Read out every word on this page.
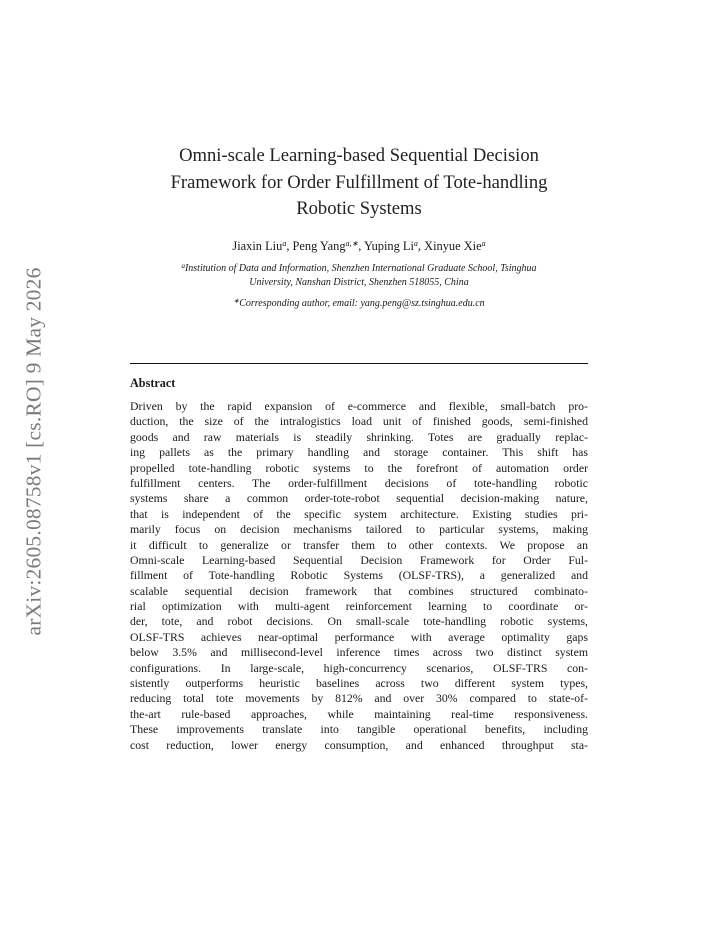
arXiv:2605.08758v1 [cs.RO] 9 May 2026
Omni-scale Learning-based Sequential Decision
Framework for Order Fulfillment of Tote-handling
Robotic Systems
Jiaxin Liu$^a$, Peng Yang$^{a,∗}$, Yuping Li$^a$, Xinyue Xie$^a$
$^a$Institution of Data and Information, Shenzhen International Graduate School, Tsinghua
University, Nanshan District, Shenzhen 518055, China
∗Corresponding author, email: yang.peng@sz.tsinghua.edu.cn
Abstract
Driven by the rapid expansion of e-commerce and flexible, small-batch pro-
duction, the size of the intralogistics load unit of finished goods, semi-finished
goods and raw materials is steadily shrinking. Totes are gradually replac-
ing pallets as the primary handling and storage container. This shift has
propelled tote-handling robotic systems to the forefront of automation order
fulfillment centers. The order-fulfillment decisions of tote-handling robotic
systems share a common order-tote-robot sequential decision-making nature,
that is independent of the specific system architecture. Existing studies pri-
marily focus on decision mechanisms tailored to particular systems, making
it difficult to generalize or transfer them to other contexts. We propose an
Omni-scale Learning-based Sequential Decision Framework for Order Ful-
fillment of Tote-handling Robotic Systems (OLSF-TRS), a generalized and
scalable sequential decision framework that combines structured combinato-
rial optimization with multi-agent reinforcement learning to coordinate or-
der, tote, and robot decisions. On small-scale tote-handling robotic systems,
OLSF-TRS achieves near-optimal performance with average optimality gaps
below 3.5% and millisecond-level inference times across two distinct system
configurations. In large-scale, high-concurrency scenarios, OLSF-TRS con-
sistently outperforms heuristic baselines across two different system types,
reducing total tote movements by 812% and over 30% compared to state-of-
the-art rule-based approaches, while maintaining real-time responsiveness.
These improvements translate into tangible operational benefits, including
cost reduction, lower energy consumption, and enhanced throughput sta-
